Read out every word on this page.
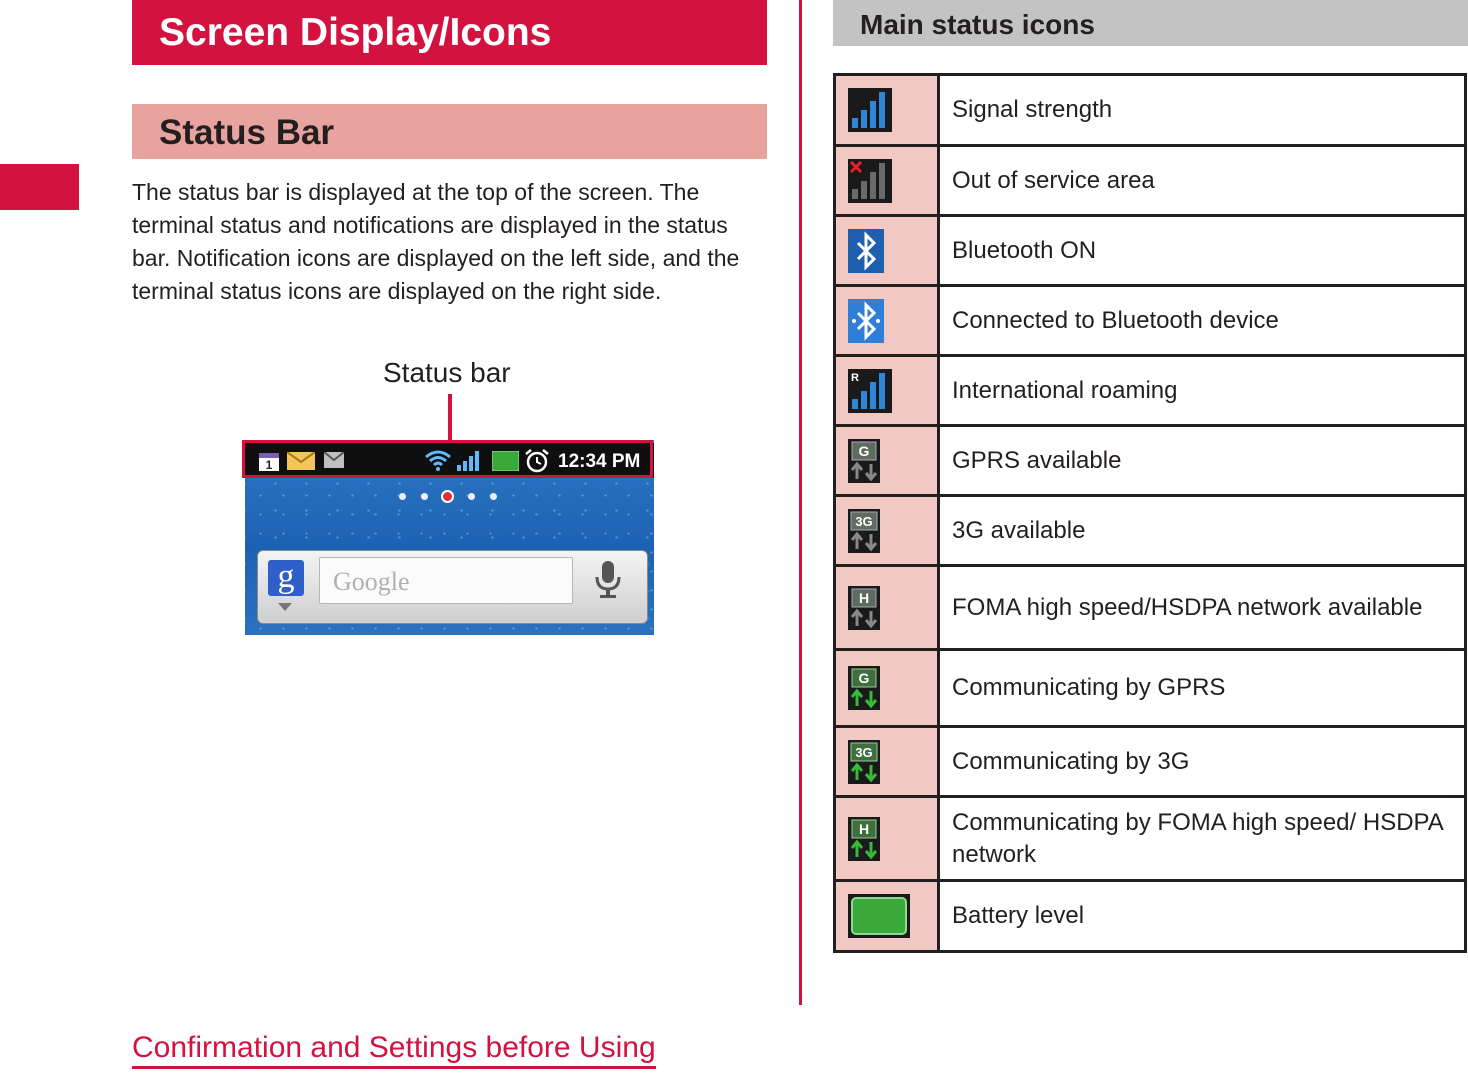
Screen Display/Icons
Status Bar

The status bar is displayed at the top of the screen. The terminal status and notifications are displayed in the status bar. Notification icons are displayed on the left side, and the terminal status icons are displayed on the right side.

Status bar
1	12:34 PM
g	Google
Confirmation and Settings before Using
Main status icons
	Signal strength

	Out of service area

	Bluetooth ON

	Connected to Bluetooth device

R	International roaming

G	GPRS available

3G	3G available

H	FOMA high speed/HSDPA network available

G	Communicating by GPRS

3G	Communicating by 3G

H	Communicating by FOMA high speed/ HSDPA network

	Battery level
